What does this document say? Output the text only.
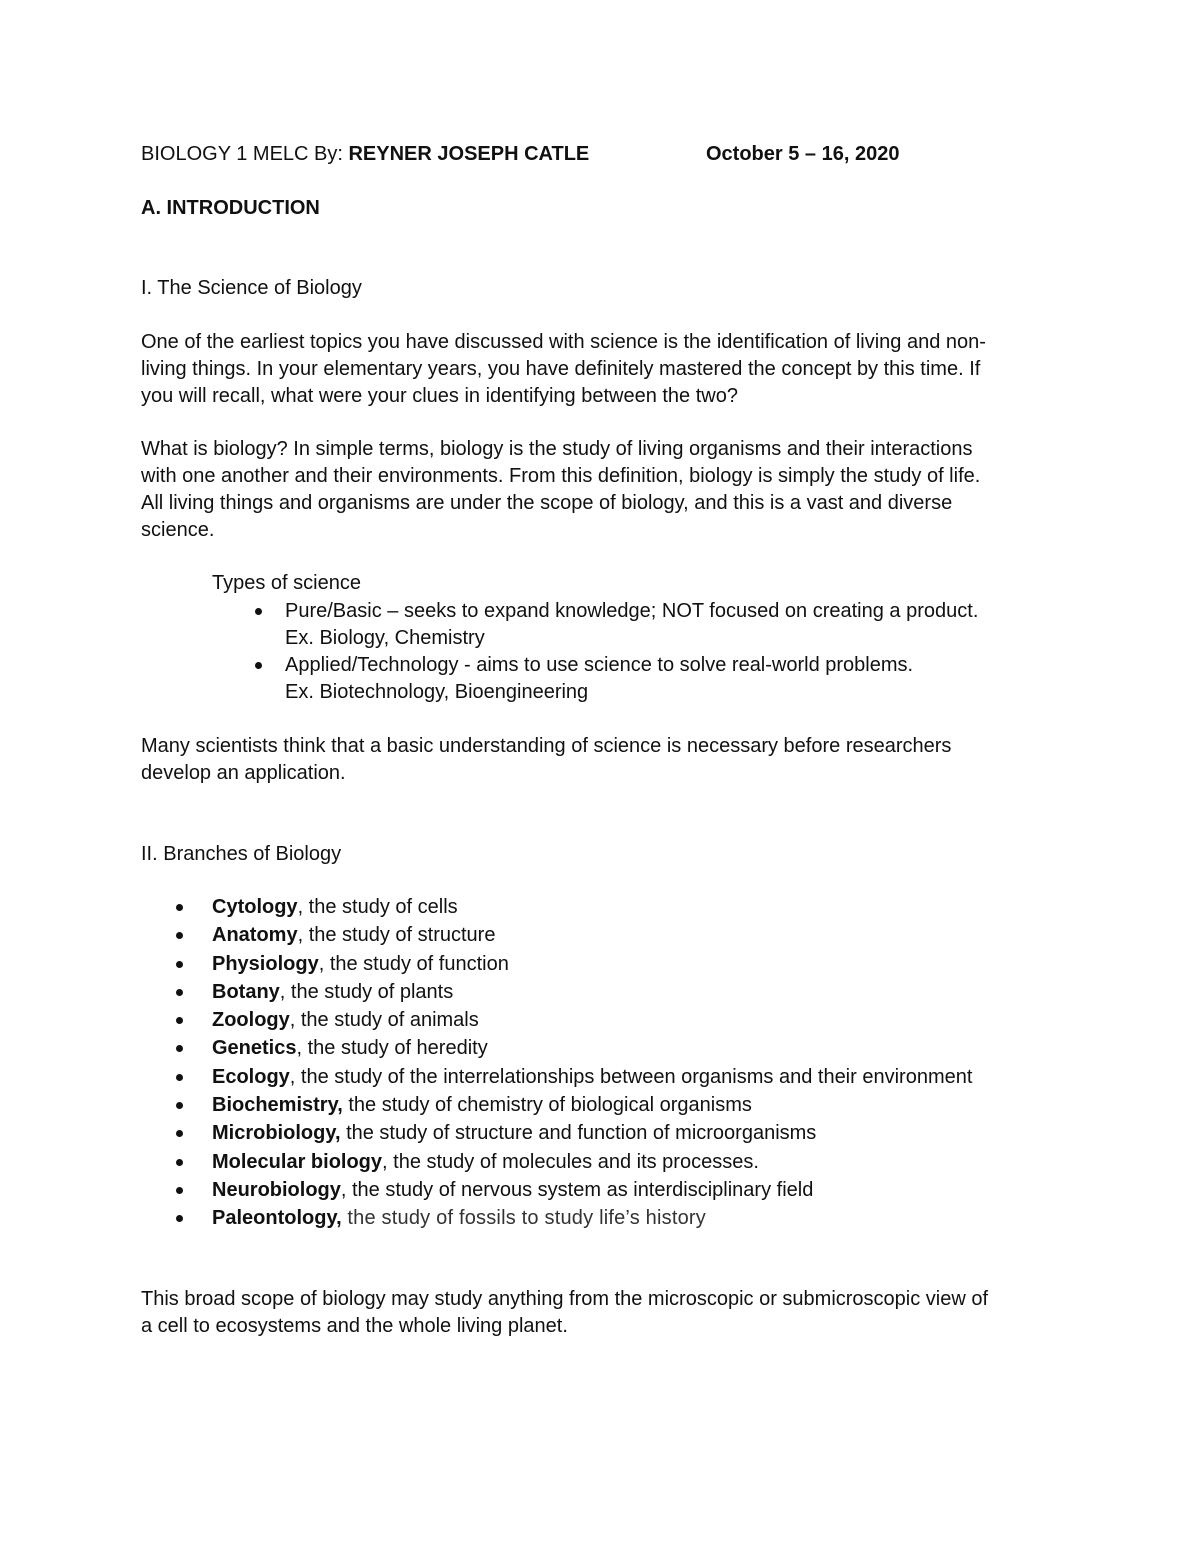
BIOLOGY 1 MELC By: REYNER JOSEPH CATLE	October 5 – 16, 2020

A. INTRODUCTION

I. The Science of Biology

One of the earliest topics you have discussed with science is the identification of living and non-
living things. In your elementary years, you have definitely mastered the concept by this time. If
you will recall, what were your clues in identifying between the two?
What is biology? In simple terms, biology is the study of living organisms and their interactions
with one another and their environments. From this definition, biology is simply the study of life.
All living things and organisms are under the scope of biology, and this is a vast and diverse
science.

Types of science

Pure/Basic – seeks to expand knowledge; NOT focused on creating a product.
Ex. Biology, Chemistry
Applied/Technology - aims to use science to solve real-world problems.
Ex. Biotechnology, Bioengineering
Many scientists think that a basic understanding of science is necessary before researchers
develop an application.

II. Branches of Biology

Cytology, the study of cells
Anatomy, the study of structure
Physiology, the study of function
Botany, the study of plants
Zoology, the study of animals
Genetics, the study of heredity
Ecology, the study of the interrelationships between organisms and their environment
Biochemistry, the study of chemistry of biological organisms
Microbiology, the study of structure and function of microorganisms
Molecular biology, the study of molecules and its processes.
Neurobiology, the study of nervous system as interdisciplinary field
Paleontology, the study of fossils to study life’s history
This broad scope of biology may study anything from the microscopic or submicroscopic view of
a cell to ecosystems and the whole living planet.
